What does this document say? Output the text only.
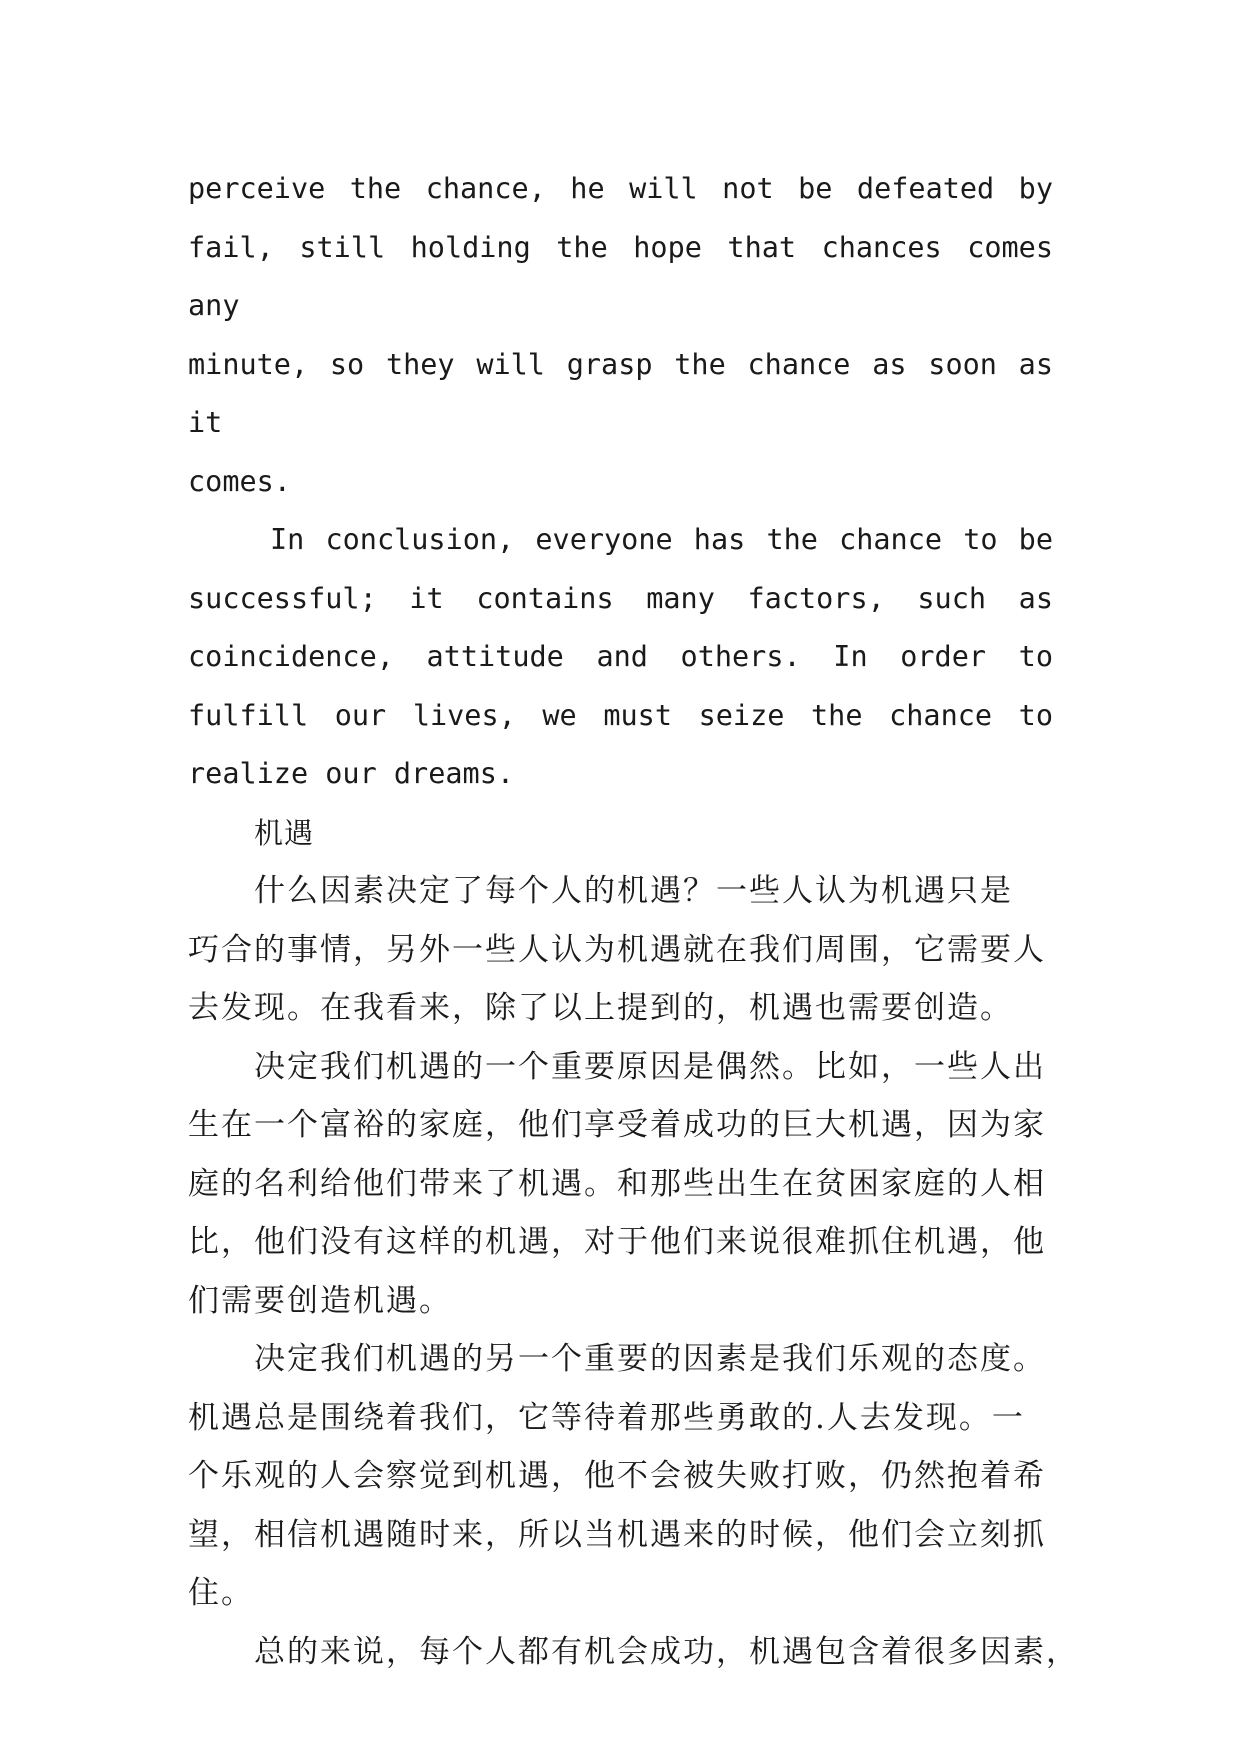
perceive the chance, he will not be defeated by
fail, still holding the hope that chances comes any
minute, so they will grasp the chance as soon as it
comes.

In conclusion, everyone has the chance to be
successful; it contains many factors, such as
coincidence, attitude and others. In order to
fulfill our lives, we must seize the chance to
realize our dreams.

机遇

什么因素决定了每个人的机遇？一些人认为机遇只是
巧合的事情，另外一些人认为机遇就在我们周围，它需要人
去发现。在我看来，除了以上提到的，机遇也需要创造。

决定我们机遇的一个重要原因是偶然。比如，一些人出
生在一个富裕的家庭，他们享受着成功的巨大机遇，因为家
庭的名利给他们带来了机遇。和那些出生在贫困家庭的人相
比，他们没有这样的机遇，对于他们来说很难抓住机遇，他
们需要创造机遇。

决定我们机遇的另一个重要的因素是我们乐观的态度。
机遇总是围绕着我们，它等待着那些勇敢的.人去发现。一
个乐观的人会察觉到机遇，他不会被失败打败，仍然抱着希
望，相信机遇随时来，所以当机遇来的时候，他们会立刻抓
住。

总的来说，每个人都有机会成功，机遇包含着很多因素，
